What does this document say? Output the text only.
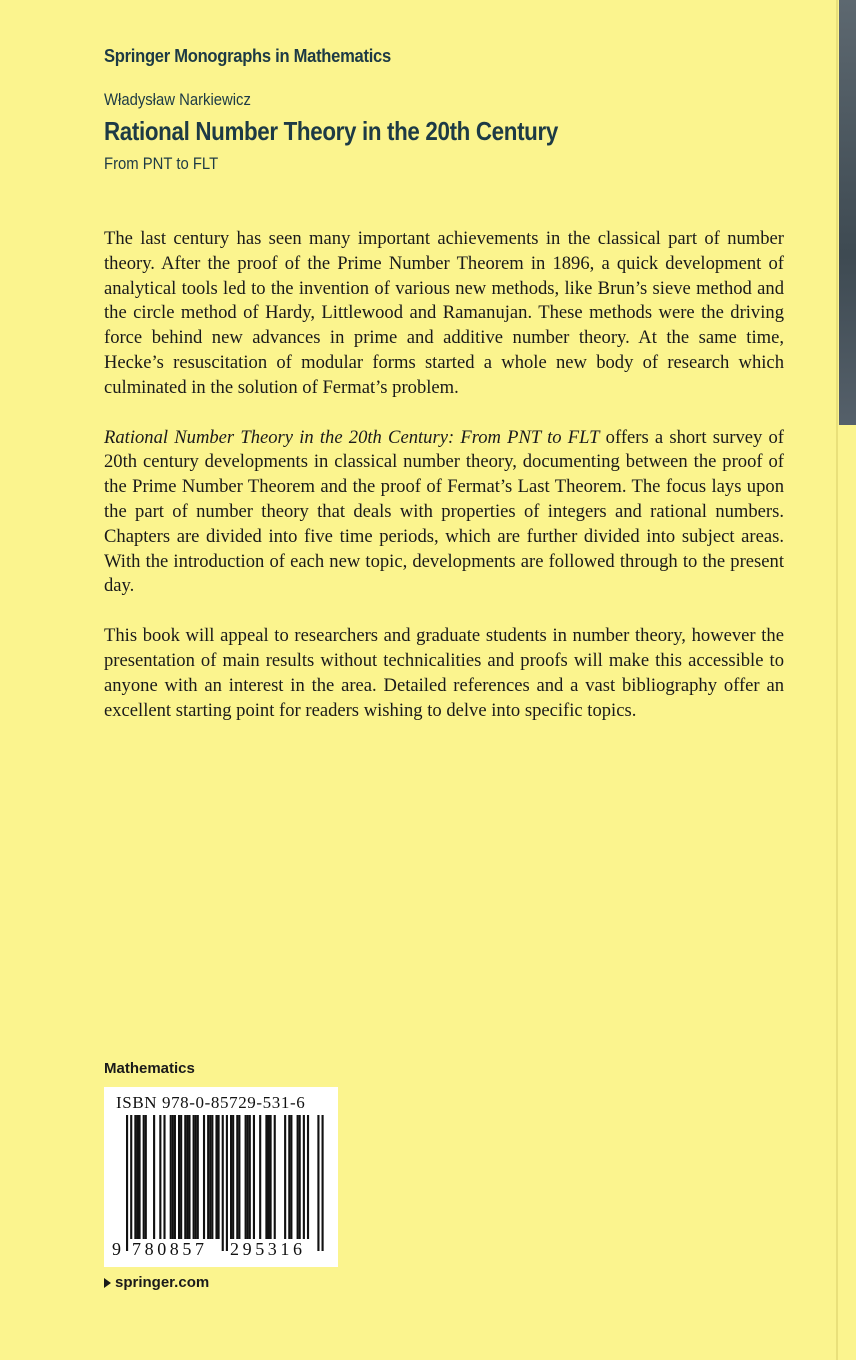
Springer Monographs in Mathematics
Władysław Narkiewicz
Rational Number Theory in the 20th Century
From PNT to FLT

The last century has seen many important achievements in the classical part of number theory. After the proof of the Prime Number Theorem in 1896, a quick development of analytical tools led to the invention of various new methods, like Brun’s sieve method and the circle method of Hardy, Littlewood and Ramanujan. These methods were the driving force behind new advances in prime and additive number theory. At the same time, Hecke’s resuscitation of modular forms started a whole new body of research which culminated in the solution of Fermat’s problem.

Rational Number Theory in the 20th Century: From PNT to FLT offers a short survey of 20th century developments in classical number theory, documenting between the proof of the Prime Number Theorem and the proof of Fermat’s Last Theorem. The focus lays upon the part of number theory that deals with properties of integers and rational numbers. Chapters are divided into five time periods, which are further divided into subject areas. With the introduction of each new topic, developments are followed through to the present day.

This book will appeal to researchers and graduate students in number theory, however the presentation of main results without technicalities and proofs will make this accessible to anyone with an interest in the area. Detailed references and a vast bibliography offer an excellent starting point for readers wishing to delve into specific topics.

Mathematics
ISBN 978-0-85729-531-6
9 780857 295316
springer.com
